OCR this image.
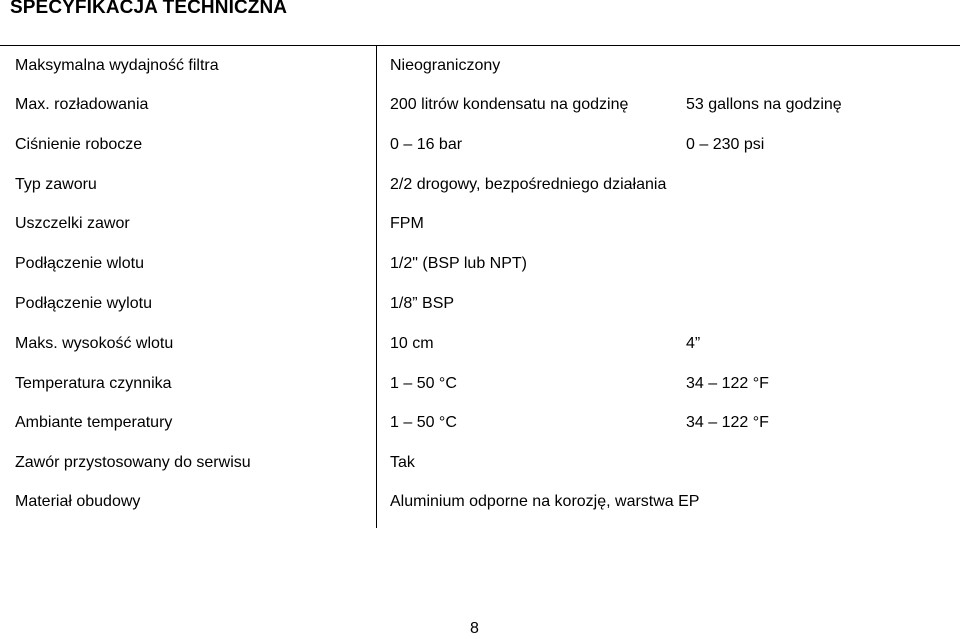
SPECYFIKACJA TECHNICZNA
Maksymalna wydajność filtra	Nieograniczony
Max. rozładowania	200 litrów kondensatu na godzinę	53 gallons na godzinę
Ciśnienie robocze	0 – 16 bar	0 – 230 psi
Typ zaworu	2/2 drogowy, bezpośredniego działania
Uszczelki zawor	FPM
Podłączenie wlotu	1/2" (BSP lub NPT)
Podłączenie wylotu	1/8” BSP
Maks. wysokość wlotu	10 cm	4”
Temperatura czynnika	1 – 50 °C	34 – 122 °F
Ambiante temperatury	1 – 50 °C	34 – 122 °F
Zawór przystosowany do serwisu	Tak
Materiał obudowy	Aluminium odporne na korozję, warstwa EP
8
